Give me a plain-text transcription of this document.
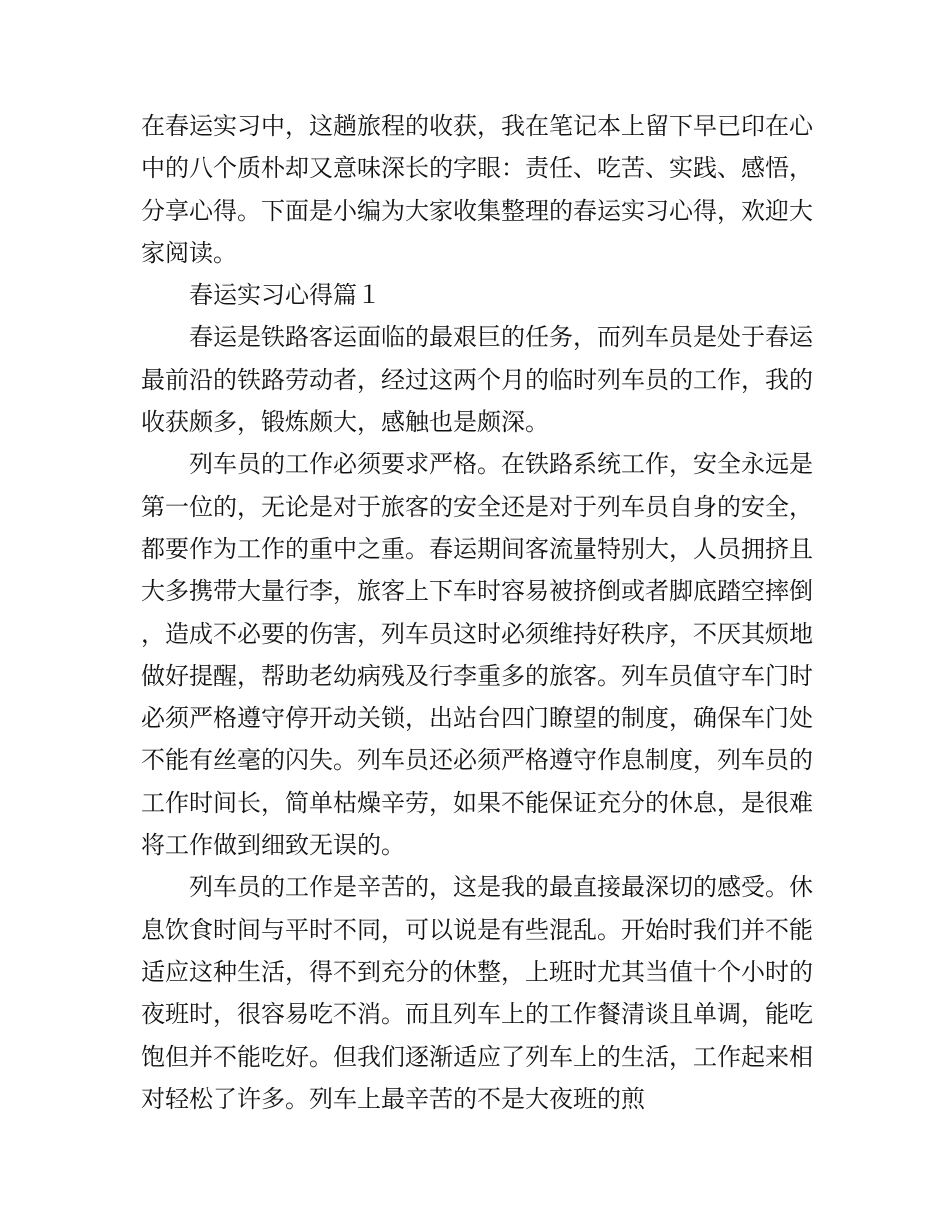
在春运实习中，这趟旅程的收获，我在笔记本上留下早已印在心中的八个质朴却又意味深长的字眼：责任、吃苦、实践、感悟，分享心得。下面是小编为大家收集整理的春运实习心得，欢迎大家阅读。

春运实习心得篇１

春运是铁路客运面临的最艰巨的任务，而列车员是处于春运最前沿的铁路劳动者，经过这两个月的临时列车员的工作，我的收获颇多，锻炼颇大，感触也是颇深。

列车员的工作必须要求严格。在铁路系统工作，安全永远是第一位的，无论是对于旅客的安全还是对于列车员自身的安全，都要作为工作的重中之重。春运期间客流量特别大，人员拥挤且大多携带大量行李，旅客上下车时容易被挤倒或者脚底踏空摔倒，造成不必要的伤害，列车员这时必须维持好秩序，不厌其烦地做好提醒，帮助老幼病残及行李重多的旅客。列车员值守车门时必须严格遵守停开动关锁，出站台四门瞭望的制度，确保车门处不能有丝毫的闪失。列车员还必须严格遵守作息制度，列车员的工作时间长，简单枯燥辛劳，如果不能保证充分的休息，是很难将工作做到细致无误的。

列车员的工作是辛苦的，这是我的最直接最深切的感受。休息饮食时间与平时不同，可以说是有些混乱。开始时我们并不能适应这种生活，得不到充分的休整，上班时尤其当值十个小时的夜班时，很容易吃不消。而且列车上的工作餐清谈且单调，能吃饱但并不能吃好。但我们逐渐适应了列车上的生活，工作起来相对轻松了许多。列车上最辛苦的不是大夜班的煎
